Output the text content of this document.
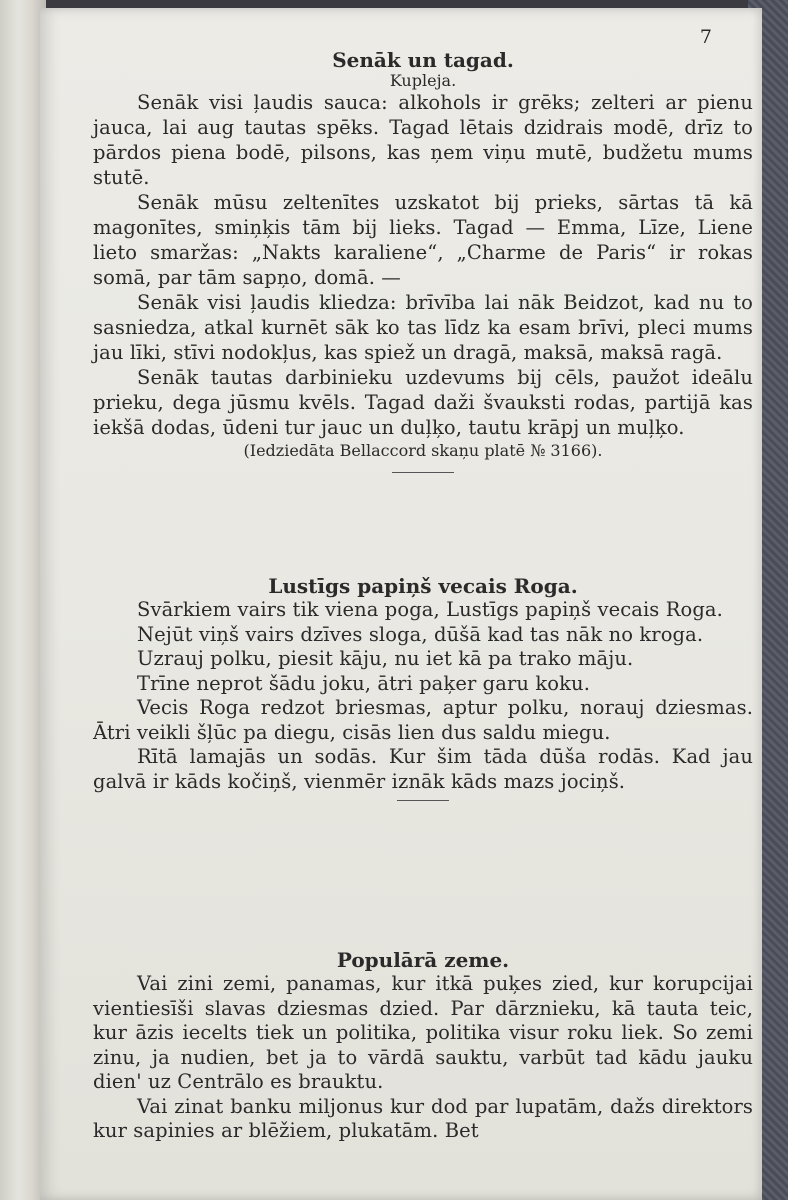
7

Senāk un tagad.

Kupleja.

Senāk visi ļaudis sauca: alkohols ir grēks; zelteri ar pienu jauca, lai aug tautas spēks. Tagad lētais dzidrais modē, drīz to pārdos piena bodē, pilsons, kas ņem viņu mutē, budžetu mums stutē.

Senāk mūsu zeltenītes uzskatot bij prieks, sārtas tā kā magonītes, smiņķis tām bij lieks. Tagad — Emma, Līze, Liene lieto smaržas: „Nakts karaliene“, „Charme de Paris“ ir rokas somā, par tām sapņo, domā. —

Senāk visi ļaudis kliedza: brīvība lai nāk Beidzot, kad nu to sasniedza, atkal kurnēt sāk ko tas līdz ka esam brīvi, pleci mums jau līki, stīvi nodokļus, kas spiež un dragā, maksā, maksā ragā.

Senāk tautas darbinieku uzdevums bij cēls, paužot ideālu prieku, dega jūsmu kvēls. Tagad daži švauksti rodas, partijā kas iekšā dodas, ūdeni tur jauc un duļķo, tautu krāpj un muļķo.

(Iedziedāta Bellaccord skaņu platē № 3166).

Lustīgs papiņš vecais Roga.

Svārkiem vairs tik viena poga, Lustīgs papiņš vecais Roga.

Nejūt viņš vairs dzīves sloga, dūšā kad tas nāk no kroga.

Uzrauj polku, piesit kāju, nu iet kā pa trako māju.

Trīne neprot šādu joku, ātri paķer garu koku.

Vecis Roga redzot briesmas, aptur polku, norauj dziesmas. Ātri veikli šļūc pa diegu, cisās lien dus saldu miegu.

Rītā lamajās un sodās. Kur šim tāda dūša rodās. Kad jau galvā ir kāds kočiņš, vienmēr iznāk kāds mazs jociņš.

Populārā zeme.

Vai zini zemi, panamas, kur itkā puķes zied, kur korupcijai vientiesīši slavas dziesmas dzied. Par dārznieku, kā tauta teic, kur āzis iecelts tiek un politika, politika visur roku liek. So zemi zinu, ja nudien, bet ja to vārdā sauktu, varbūt tad kādu jauku dien' uz Centrālo es brauktu.

Vai zinat banku miljonus kur dod par lupatām, dažs direktors kur sapinies ar blēžiem, plukatām. Bet
